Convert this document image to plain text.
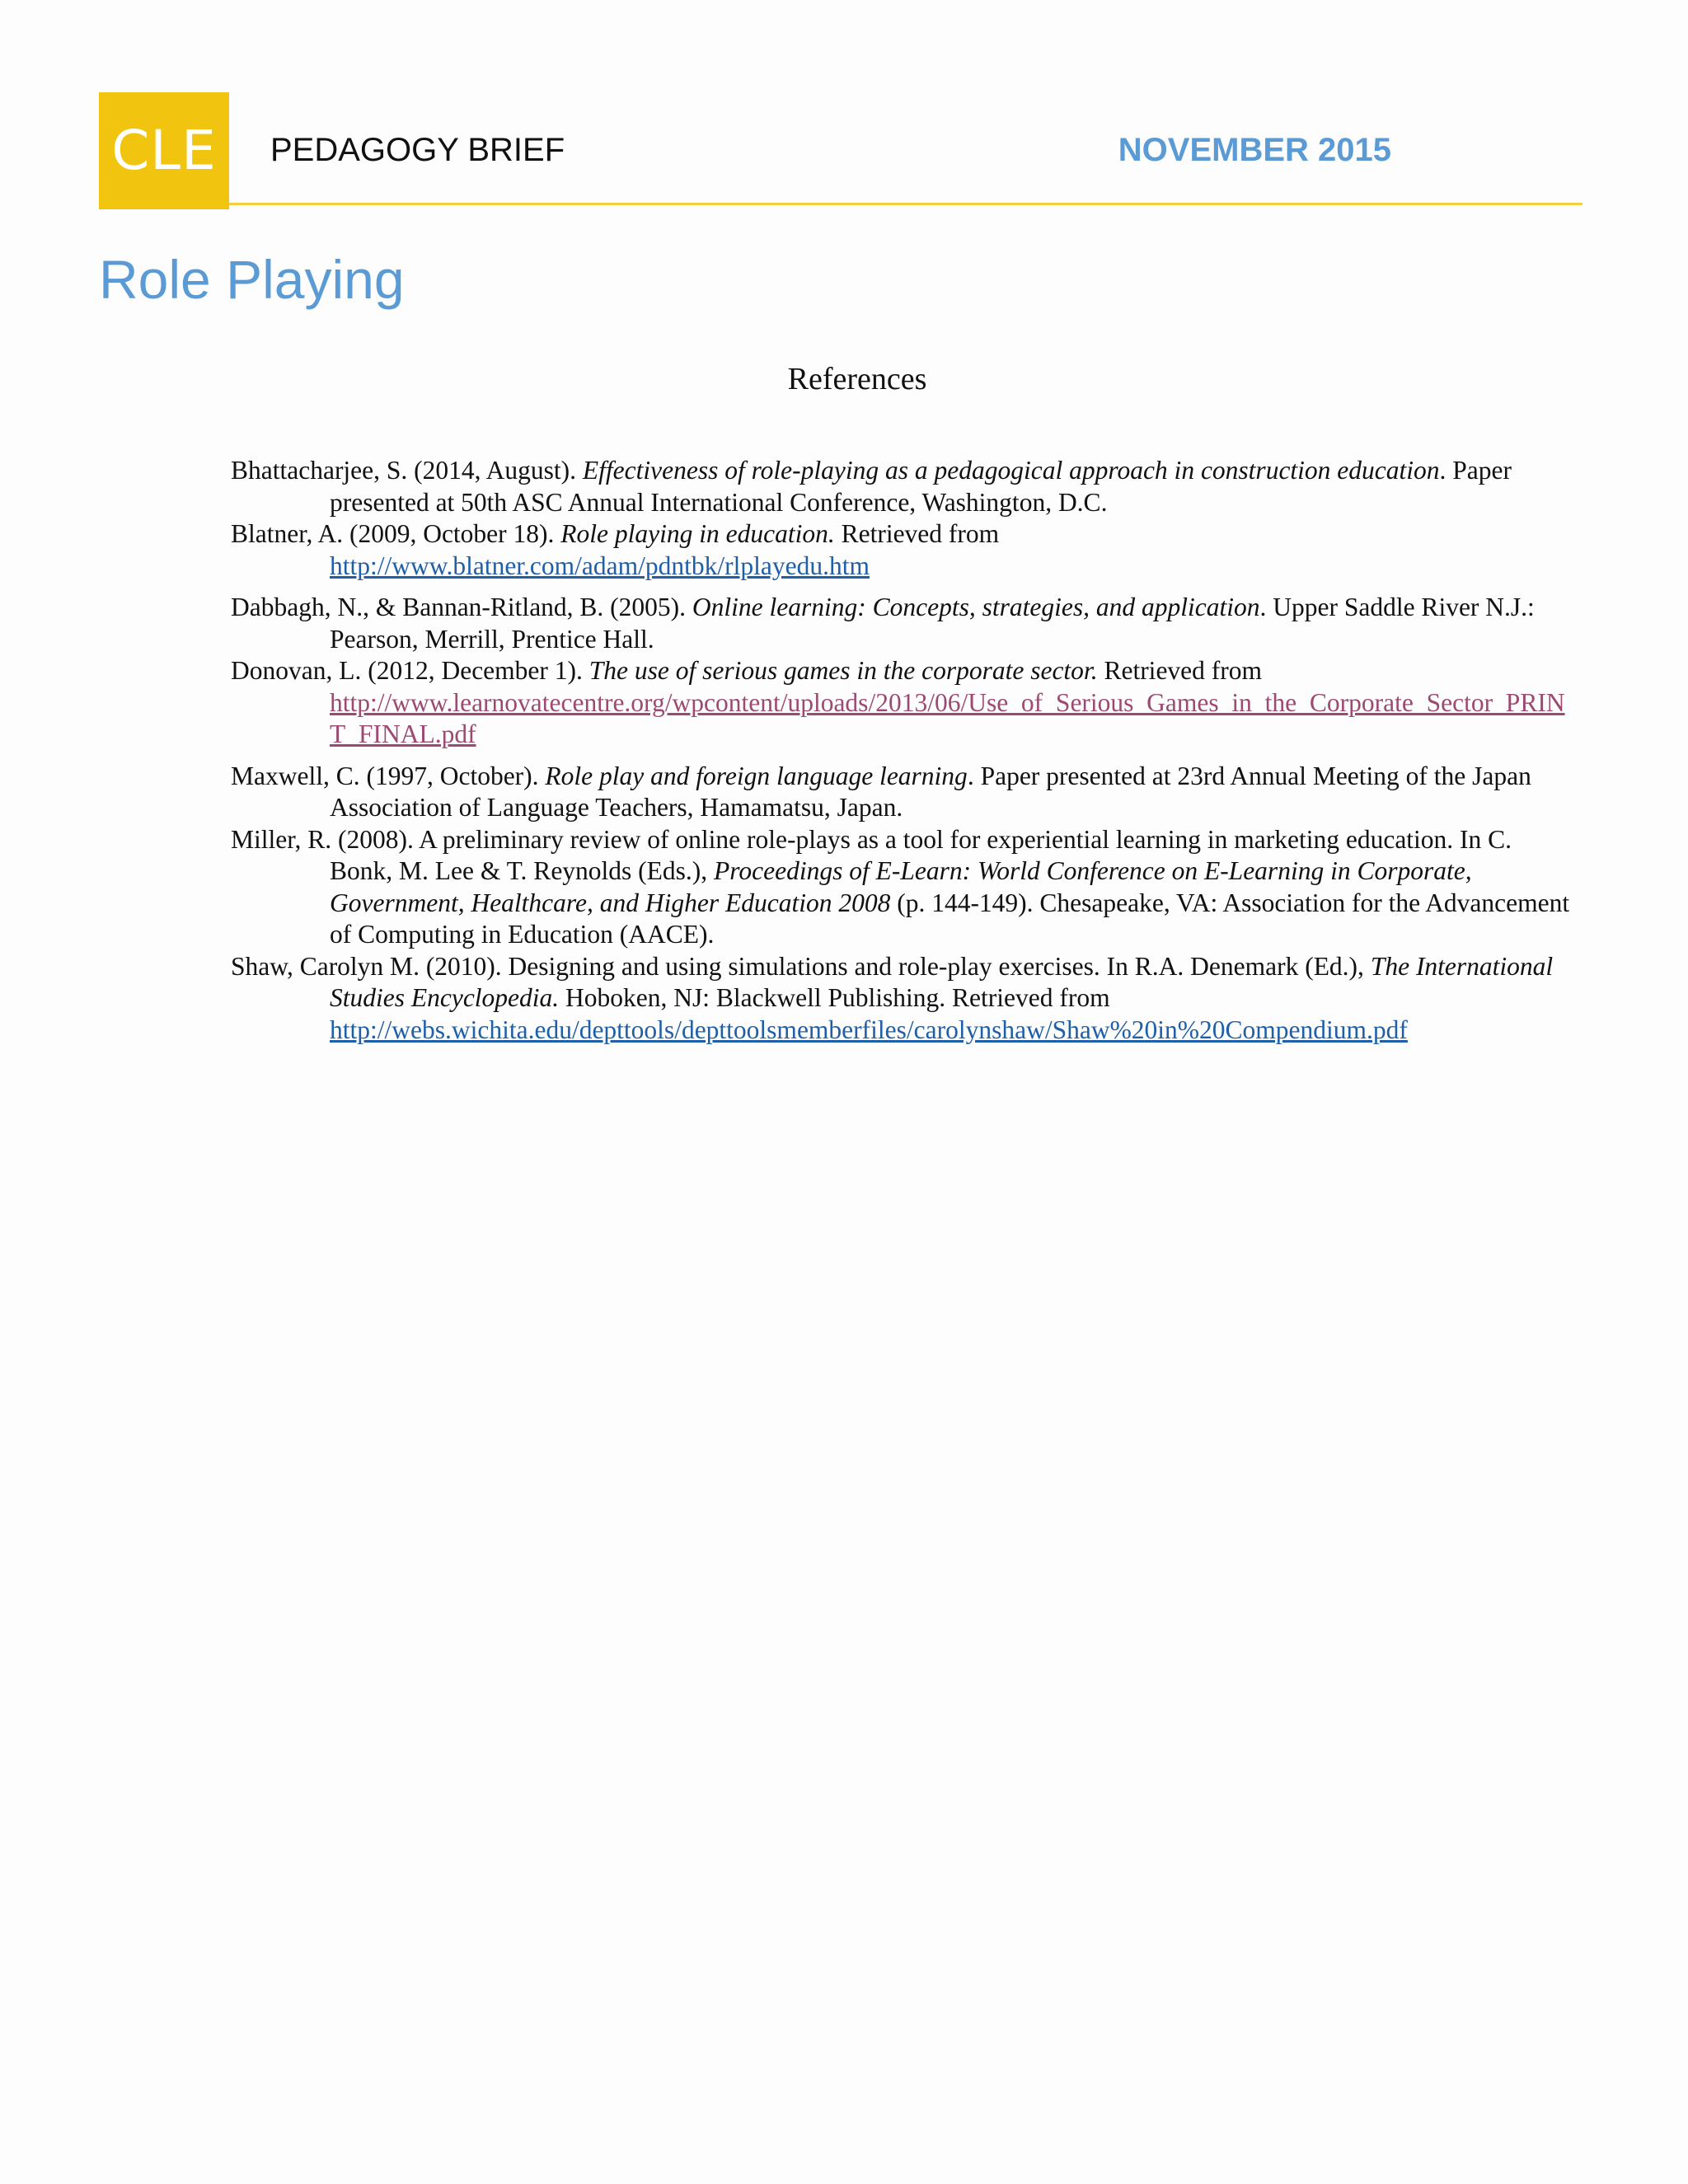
CLE PEDAGOGY BRIEF	NOVEMBER 2015

Role Playing
References
Bhattacharjee, S. (2014, August). Effectiveness of role-playing as a pedagogical approach in construction education. Paper presented at 50th ASC Annual International Conference, Washington, D.C.
Blatner, A. (2009, October 18). Role playing in education. Retrieved from
http://www.blatner.com/adam/pdntbk/rlplayedu.htm
Dabbagh, N., & Bannan-Ritland, B. (2005). Online learning: Concepts, strategies, and application. Upper Saddle River N.J.: Pearson, Merrill, Prentice Hall.
Donovan, L. (2012, December 1). The use of serious games in the corporate sector. Retrieved from
http://www.learnovatecentre.org/wpcontent/uploads/2013/06/Use_of_Serious_Games_in_the_Corporate_Sector_PRINT_FINAL.pdf
Maxwell, C. (1997, October). Role play and foreign language learning. Paper presented at 23rd Annual Meeting of the Japan Association of Language Teachers, Hamamatsu, Japan.
Miller, R. (2008). A preliminary review of online role-plays as a tool for experiential learning in marketing education. In C. Bonk, M. Lee & T. Reynolds (Eds.), Proceedings of E-Learn: World Conference on E-Learning in Corporate, Government, Healthcare, and Higher Education 2008 (p. 144-149). Chesapeake, VA: Association for the Advancement of Computing in Education (AACE).
Shaw, Carolyn M. (2010). Designing and using simulations and role-play exercises. In R.A. Denemark (Ed.), The International Studies Encyclopedia. Hoboken, NJ: Blackwell Publishing. Retrieved from
http://webs.wichita.edu/depttools/depttoolsmemberfiles/carolynshaw/Shaw%20in%20Compendium.pdf
